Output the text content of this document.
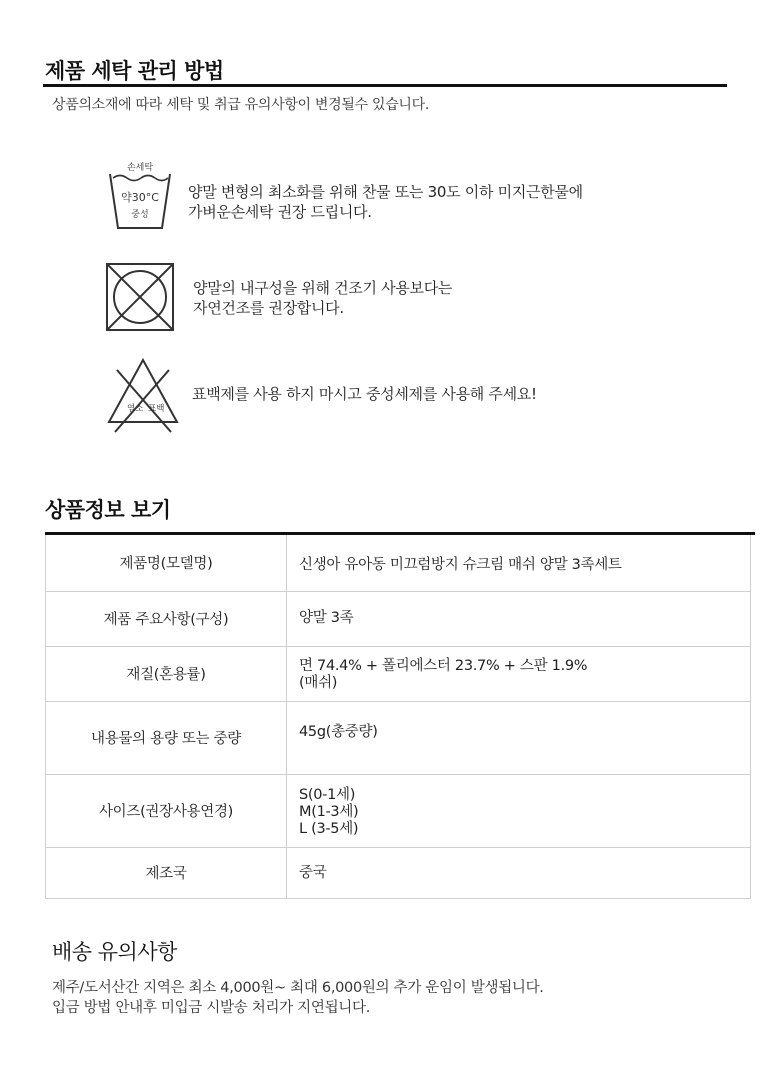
제품 세탁 관리 방법
상품의소재에 따라 세탁 및 취급 유의사항이 변경될수 있습니다.
손세탁
약30°C
중성
양말 변형의 최소화를 위해 찬물 또는 30도 이하 미지근한물에
가벼운손세탁 권장 드립니다.
양말의 내구성을 위해 건조기 사용보다는
자연건조를 권장합니다.
염소 표백
표백제를 사용 하지 마시고 중성세제를 사용해 주세요!
상품정보 보기
제품명(모델명)	신생아 유아동 미끄럼방지 슈크림 매쉬 양말 3족세트

제품 주요사항(구성)	양말 3족

재질(혼용률)	면 74.4% + 폴리에스터 23.7% + 스판 1.9%
(매쉬)

내용물의 용량 또는 중량	45g(총중량)

사이즈(권장사용연경)	S(0-1세)
M(1-3세)
L (3-5세)

제조국	중국
배송 유의사항
제주/도서산간 지역은 최소 4,000원~ 최대 6,000원의 추가 운임이 발생됩니다.
입금 방법 안내후 미입금 시발송 처리가 지연됩니다.
